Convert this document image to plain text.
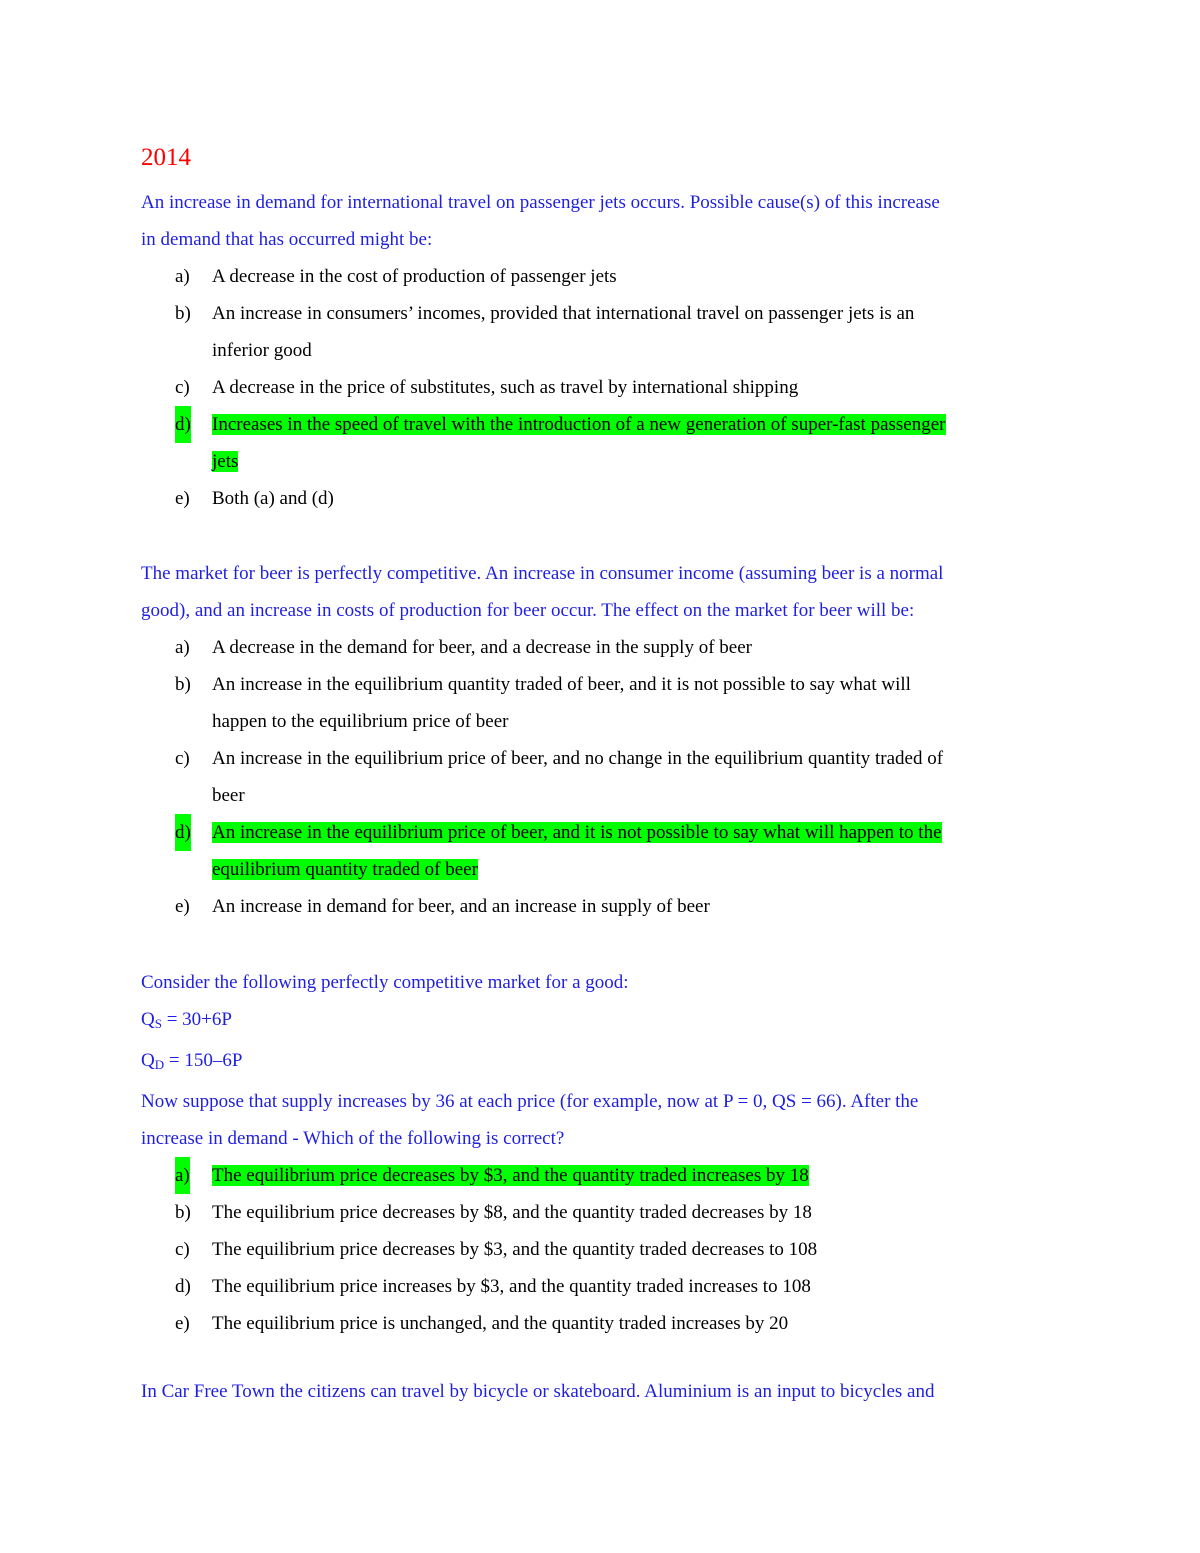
2014

An increase in demand for international travel on passenger jets occurs. Possible cause(s) of this increase

in demand that has occurred might be:

a) A decrease in the cost of production of passenger jets
b) An increase in consumers’ incomes, provided that international travel on passenger jets is an
inferior good
c) A decrease in the price of substitutes, such as travel by international shipping
d) Increases in the speed of travel with the introduction of a new generation of super-fast passenger
jets
e) Both (a) and (d)

The market for beer is perfectly competitive. An increase in consumer income (assuming beer is a normal

good), and an increase in costs of production for beer occur. The effect on the market for beer will be:

a) A decrease in the demand for beer, and a decrease in the supply of beer
b) An increase in the equilibrium quantity traded of beer, and it is not possible to say what will
happen to the equilibrium price of beer
c) An increase in the equilibrium price of beer, and no change in the equilibrium quantity traded of
beer
d) An increase in the equilibrium price of beer, and it is not possible to say what will happen to the
equilibrium quantity traded of beer
e) An increase in demand for beer, and an increase in supply of beer

Consider the following perfectly competitive market for a good:

$Q_S = 30+6P$

$Q_D = 150-6P$

Now suppose that supply increases by 36 at each price (for example, now at P = 0, QS = 66). After the

increase in demand - Which of the following is correct?

a) The equilibrium price decreases by $3, and the quantity traded increases by 18
b) The equilibrium price decreases by $8, and the quantity traded decreases by 18
c) The equilibrium price decreases by $3, and the quantity traded decreases to 108
d) The equilibrium price increases by $3, and the quantity traded increases to 108
e) The equilibrium price is unchanged, and the quantity traded increases by 20

In Car Free Town the citizens can travel by bicycle or skateboard. Aluminium is an input to bicycles and
